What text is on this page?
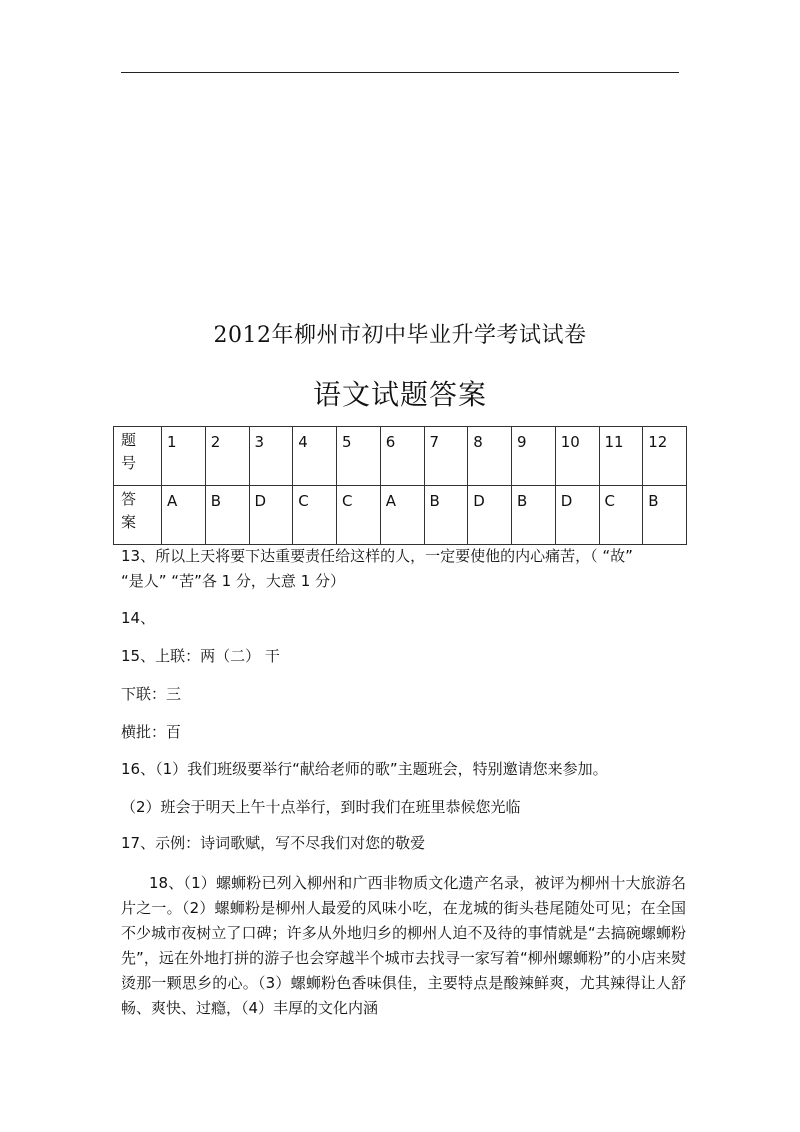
2012年柳州市初中毕业升学考试试卷
语文试题答案
题号	1	2	3	4	5	6	7	8	9	10	11	12

答案	A	B	D	C	C	A	B	D	B	D	C	B
13、所以上天将要下达重要责任给这样的人，一定要使他的内心痛苦，（ “故”
“是人” “苦”各 1 分，大意 1 分）
14、
15、上联：两（二） 干
下联：三
横批：百
16、（1）我们班级要举行“献给老师的歌”主题班会，特别邀请您来参加。
（2）班会于明天上午十点举行，到时我们在班里恭候您光临
17、示例：诗词歌赋，写不尽我们对您的敬爱
18、（1）螺蛳粉已列入柳州和广西非物质文化遗产名录，被评为柳州十大旅游名片之一。（2）螺蛳粉是柳州人最爱的风味小吃，在龙城的街头巷尾随处可见；在全国不少城市夜树立了口碑；许多从外地归乡的柳州人迫不及待的事情就是“去搞碗螺蛳粉先”，远在外地打拼的游子也会穿越半个城市去找寻一家写着“柳州螺蛳粉”的小店来熨烫那一颗思乡的心。（3）螺蛳粉色香味俱佳，主要特点是酸辣鲜爽，尤其辣得让人舒畅、爽快、过瘾，（4）丰厚的文化内涵
